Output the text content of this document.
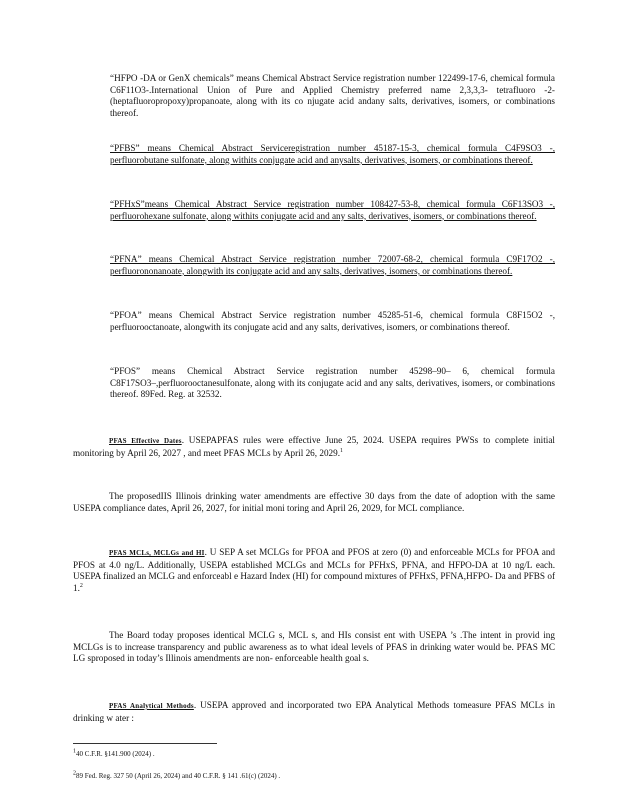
“HFPO -DA or GenX chemicals” means Chemical Abstract Service registration number 122499-17-6, chemical formula C6F11O3-.International Union of Pure and Applied Chemistry preferred name 2,3,3,3- tetrafluoro -2-(heptafluoropropoxy)propanoate, along with its co njugate acid andany salts, derivatives, isomers, or combinations thereof.

“PFBS” means Chemical Abstract Serviceregistration number 45187-15-3, chemical formula C4F9SO3 -, perfluorobutane sulfonate, along withits conjugate acid and anysalts, derivatives, isomers, or combinations thereof.

“PFHxS”means Chemical Abstract Service registration number 108427-53-8, chemical formula C6F13SO3 -, perfluorohexane sulfonate, along withits conjugate acid and any salts, derivatives, isomers, or combinations thereof.

“PFNA” means Chemical Abstract Service registration number 72007-68-2, chemical formula C9F17O2 -, perfluorononanoate, alongwith its conjugate acid and any salts, derivatives, isomers, or combinations thereof.

“PFOA” means Chemical Abstract Service registration number 45285-51-6, chemical formula C8F15O2 -, perfluorooctanoate, alongwith its conjugate acid and any salts, derivatives, isomers, or combinations thereof.

“PFOS” means Chemical Abstract Service registration number 45298–90– 6, chemical formula C8F17SO3–,perfluorooctanesulfonate, along with its conjugate acid and any salts, derivatives, isomers, or combinations thereof. 89Fed. Reg. at 32532.

PFAS Effective Dates. USEPAPFAS rules were effective June 25, 2024. USEPA requires PWSs to complete initial monitoring by April 26, 2027 , and meet PFAS MCLs by April 26, 2029.$^1$

The proposedIIS Illinois drinking water amendments are effective 30 days from the date of adoption with the same USEPA compliance dates, April 26, 2027, for initial moni toring and April 26, 2029, for MCL compliance.

PFAS MCLs, MCLGs and HI. U SEP A set MCLGs for PFOA and PFOS at zero (0) and enforceable MCLs for PFOA and PFOS at 4.0 ng/L. Additionally, USEPA established MCLGs and MCLs for PFHxS, PFNA, and HFPO-DA at 10 ng/L each. USEPA finalized an MCLG and enforceabl e Hazard Index (HI) for compound mixtures of PFHxS, PFNA,HFPO- Da and PFBS of 1.$^2$

The Board today proposes identical MCLG s, MCL s, and HIs consist ent with USEPA ’s .The intent in provid ing MCLGs is to increase transparency and public awareness as to what ideal levels of PFAS in drinking water would be. PFAS MC LG sproposed in today’s Illinois amendments are non- enforceable health goal s.

PFAS Analytical Methods. USEPA approved and incorporated two EPA Analytical Methods tomeasure PFAS MCLs in drinking w ater :

$^1$40 C.F.R. §141.900 (2024) .

$^2$89 Fed. Reg. 327 50 (April 26, 2024) and 40 C.F.R. § 141 .61(c) (2024) .
